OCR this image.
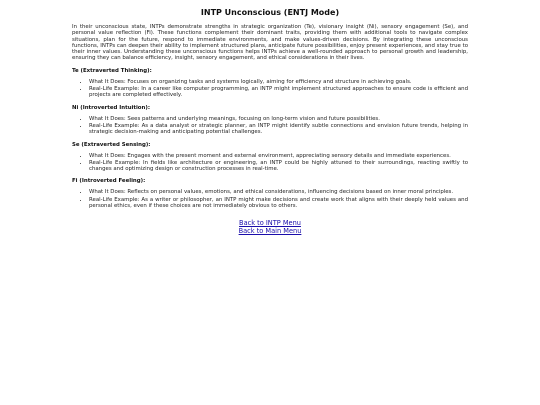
INTP Unconscious (ENTJ Mode)

In their unconscious state, INTPs demonstrate strengths in strategic organization (Te), visionary insight (Ni), sensory engagement (Se), and personal value reflection (Fi). These functions complement their dominant traits, providing them with additional tools to navigate complex situations, plan for the future, respond to immediate environments, and make values-driven decisions. By integrating these unconscious functions, INTPs can deepen their ability to implement structured plans, anticipate future possibilities, enjoy present experiences, and stay true to their inner values. Understanding these unconscious functions helps INTPs achieve a well-rounded approach to personal growth and leadership, ensuring they can balance efficiency, insight, sensory engagement, and ethical considerations in their lives.

Te (Extraverted Thinking):
• What It Does: Focuses on organizing tasks and systems logically, aiming for efficiency and structure in achieving goals.
• Real-Life Example: In a career like computer programming, an INTP might implement structured approaches to ensure code is efficient and projects are completed effectively.
Ni (Introverted Intuition):
• What It Does: Sees patterns and underlying meanings, focusing on long-term vision and future possibilities.
• Real-Life Example: As a data analyst or strategic planner, an INTP might identify subtle connections and envision future trends, helping in strategic decision-making and anticipating potential challenges.
Se (Extraverted Sensing):
• What It Does: Engages with the present moment and external environment, appreciating sensory details and immediate experiences.
• Real-Life Example: In fields like architecture or engineering, an INTP could be highly attuned to their surroundings, reacting swiftly to changes and optimizing design or construction processes in real-time.
Fi (Introverted Feeling):
• What It Does: Reflects on personal values, emotions, and ethical considerations, influencing decisions based on inner moral principles.
• Real-Life Example: As a writer or philosopher, an INTP might make decisions and create work that aligns with their deeply held values and personal ethics, even if these choices are not immediately obvious to others.
Back to INTP Menu
Back to Main Menu
